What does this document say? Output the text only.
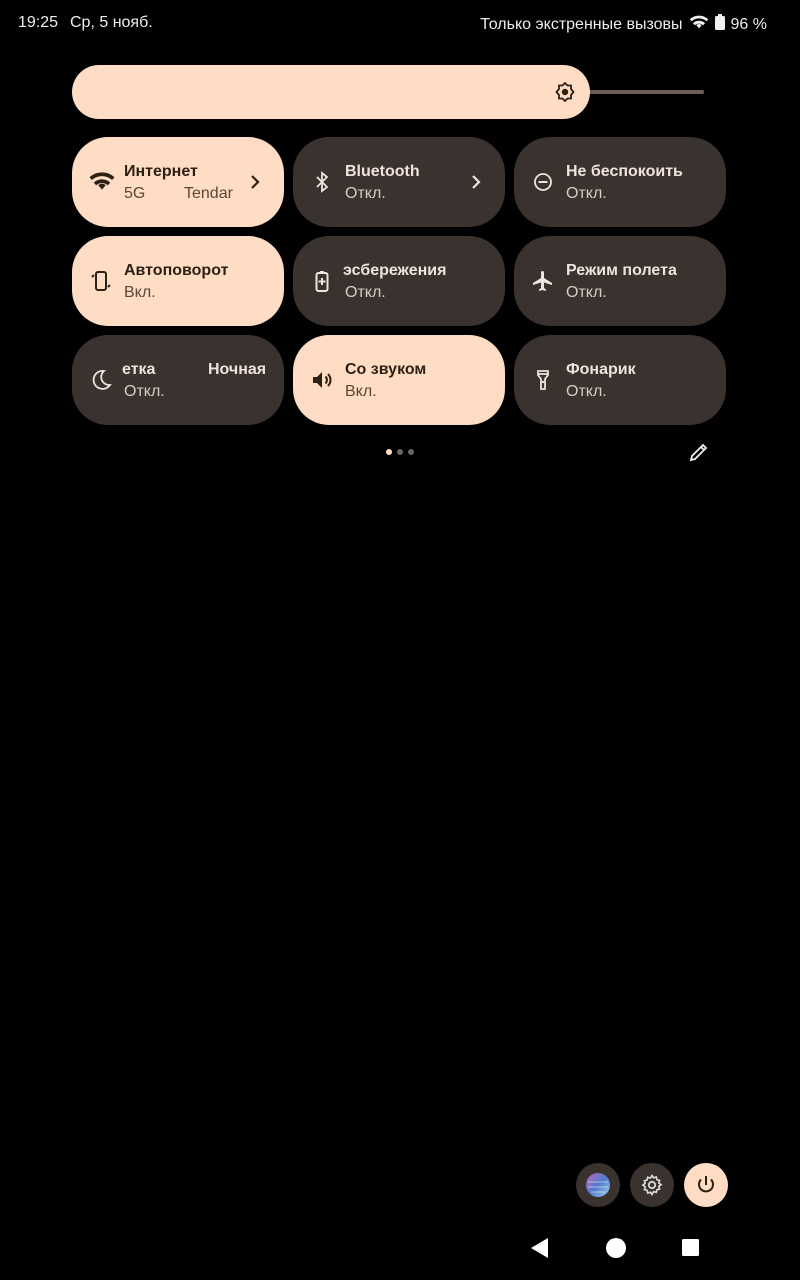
19:25 Ср, 5 нояб.	Только экстренные вызовы	96 %
Интернет
5G Tendar
Bluetooth
Откл.
Не беспокоить
Откл.
Автоповорот
Вкл.
эсбережения
Откл.
Режим полета
Откл.
етка	Ночная
Откл.
Со звуком
Вкл.
Фонарик
Откл.
